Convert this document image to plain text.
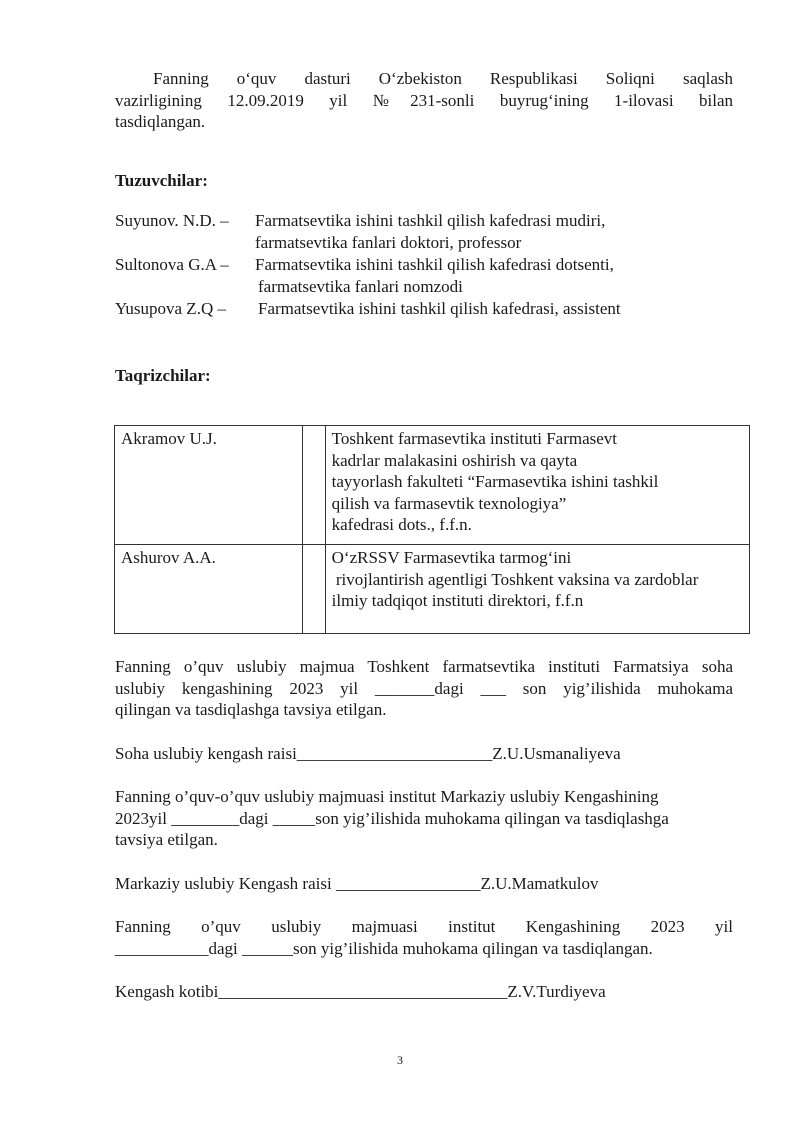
Fanning o‘quv dasturi O‘zbekiston Respublikasi Soliqni saqlash
vazirligining 12.09.2019 yil №231-sonli buyrug‘ining 1-ilovasi bilan
tasdiqlangan.

Tuzuvchilar:

Suyunov. N.D. – Farmatsevtika ishini tashkil qilish kafedrasi mudiri,
farmatsevtika fanlari doktori, professor
Sultonova G.A – Farmatsevtika ishini tashkil qilish kafedrasi dotsenti,
farmatsevtika fanlari nomzodi
Yusupova Z.Q – Farmatsevtika ishini tashkil qilish kafedrasi, assistent

Taqrizchilar:

Akramov U.J.		Toshkent farmasevtika instituti Farmasevt
kadrlar malakasini oshirish va qayta
tayyorlash fakulteti “Farmasevtika ishini tashkil
qilish va farmasevtik texnologiya”
kafedrasi dots., f.f.n.

Ashurov A.A.		O‘zRSSV Farmasevtika tarmog‘ini
rivojlantirish agentligi Toshkent vaksina va zardoblar
ilmiy tadqiqot instituti direktori, f.f.n
Fanning o’quv uslubiy majmua Toshkent farmatsevtika instituti Farmatsiya soha
uslubiy kengashining 2023 yil _______dagi ___ son yig’ilishida muhokama
qilingan va tasdiqlashga tavsiya etilgan.
Soha uslubiy kengash raisi_______________________Z.U.Usmanaliyeva
Fanning o’quv-o’quv uslubiy majmuasi institut Markaziy uslubiy Kengashining
2023yil ________dagi _____son yig’ilishida muhokama qilingan va tasdiqlashga
tavsiya etilgan.
Markaziy uslubiy Kengash raisi _________________Z.U.Mamatkulov
Fanning o’quv uslubiy majmuasi institut Kengashining 2023 yil
___________dagi ______son yig’ilishida muhokama qilingan va tasdiqlangan.
Kengash kotibi__________________________________Z.V.Turdiyeva
3
